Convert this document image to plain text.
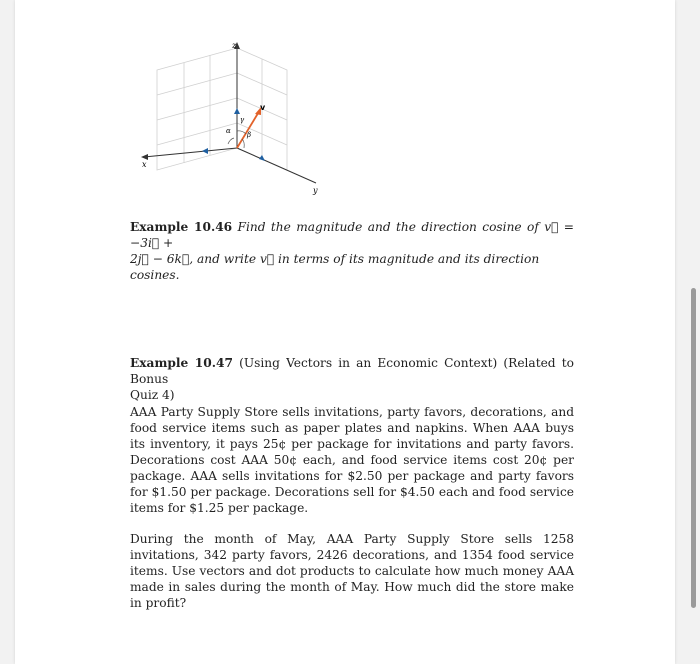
z
x
y
v
γ
α β

Example 10.46 Find the magnitude and the direction cosine of v⃗ = −3i⃗ +

2j⃗ − 6k⃗, and write v⃗ in terms of its magnitude and its direction cosines.

Example 10.47 (Using Vectors in an Economic Context) (Related to Bonus

Quiz 4)

AAA Party Supply Store sells invitations, party favors, decorations, and food service items such as paper plates and napkins. When AAA buys its inventory, it pays 25¢ per package for invitations and party favors. Decorations cost AAA 50¢ each, and food service items cost 20¢ per package. AAA sells invitations for $2.50 per package and party favors for $1.50 per package. Decorations sell for $4.50 each and food service items for $1.25 per package.

During the month of May, AAA Party Supply Store sells 1258 invitations, 342 party favors, 2426 decorations, and 1354 food service items. Use vectors and dot products to calculate how much money AAA made in sales during the month of May. How much did the store make in profit?
